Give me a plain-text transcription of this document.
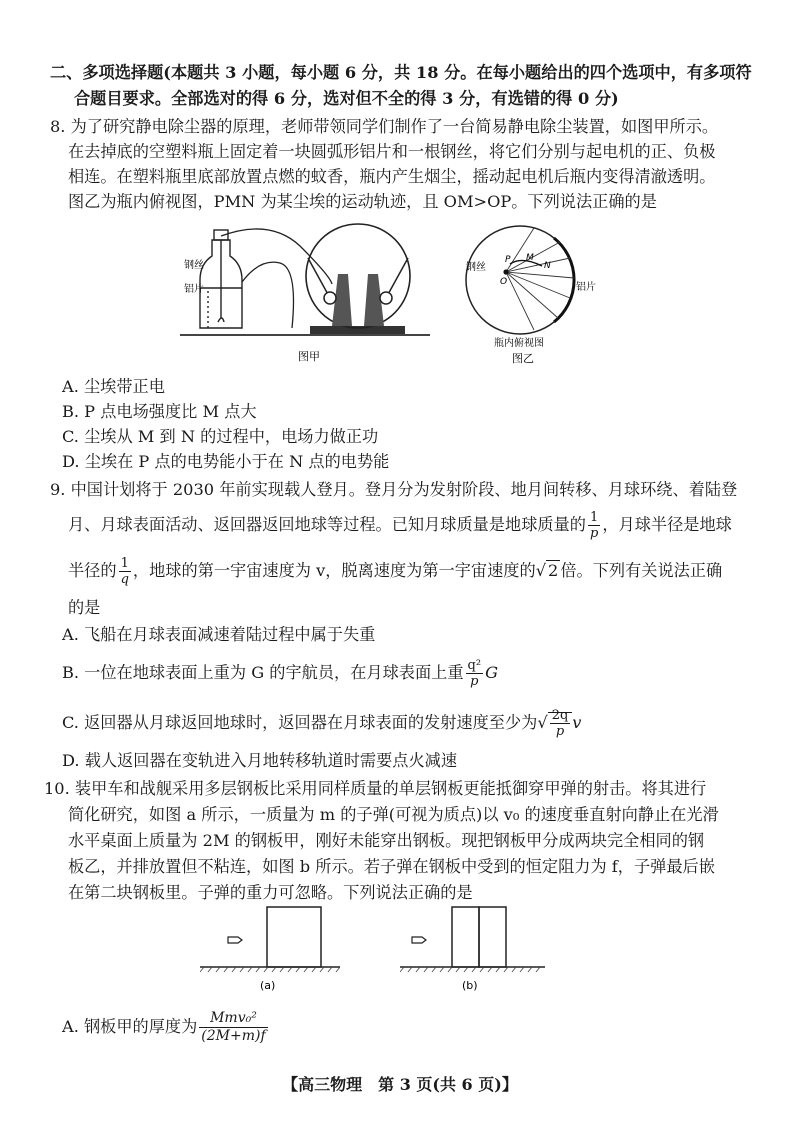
二、多项选择题(本题共 3 小题，每小题 6 分，共 18 分。在每小题给出的四个选项中，有多项符
合题目要求。全部选对的得 6 分，选对但不全的得 3 分，有选错的得 0 分)
8. 为了研究静电除尘器的原理，老师带领同学们制作了一台简易静电除尘装置，如图甲所示。
在去掉底的空塑料瓶上固定着一块圆弧形铝片和一根钢丝，将它们分别与起电机的正、负极
相连。在塑料瓶里底部放置点燃的蚊香，瓶内产生烟尘，摇动起电机后瓶内变得清澈透明。
图乙为瓶内俯视图，PMN 为某尘埃的运动轨迹，且 OM>OP。下列说法正确的是
钢丝
铝片
图甲
钢丝
铝片
P M
N
O
瓶内俯视图
图乙
A. 尘埃带正电
B. P 点电场强度比 M 点大
C. 尘埃从 M 到 N 的过程中，电场力做正功
D. 尘埃在 P 点的电势能小于在 N 点的电势能
9. 中国计划将于 2030 年前实现载人登月。登月分为发射阶段、地月间转移、月球环绕、着陆登
月、月球表面活动、返回器返回地球等过程。已知月球质量是地球质量的 $\frac{1}{p}$ ，月球半径是地球
半径的 $\frac{1}{q}$ ，地球的第一宇宙速度为 v，脱离速度为第一宇宙速度的√ 2 倍。下列有关说法正确
的是
A. 飞船在月球表面减速着陆过程中属于失重
B. 一位在地球表面上重为 G 的宇航员，在月球表面上重 $\frac{\text{q²}}{p}$ G
C. 返回器从月球返回地球时，返回器在月球表面的发射速度至少为√ $\frac{2q}{p}$ v
D. 载人返回器在变轨进入月地转移轨道时需要点火减速
10. 装甲车和战舰采用多层钢板比采用同样质量的单层钢板更能抵御穿甲弹的射击。将其进行
简化研究，如图 a 所示，一质量为 m 的子弹(可视为质点)以 v₀ 的速度垂直射向静止在光滑
水平桌面上质量为 2M 的钢板甲，刚好未能穿出钢板。现把钢板甲分成两块完全相同的钢
板乙，并排放置但不粘连，如图 b 所示。若子弹在钢板中受到的恒定阻力为 f，子弹最后嵌
在第二块钢板里。子弹的重力可忽略。下列说法正确的是
(a)	(b)
A. 钢板甲的厚度为 $\frac{\text{Mmv₀²}}{(2M+m)f}$
【高三物理　第 3 页(共 6 页)】
